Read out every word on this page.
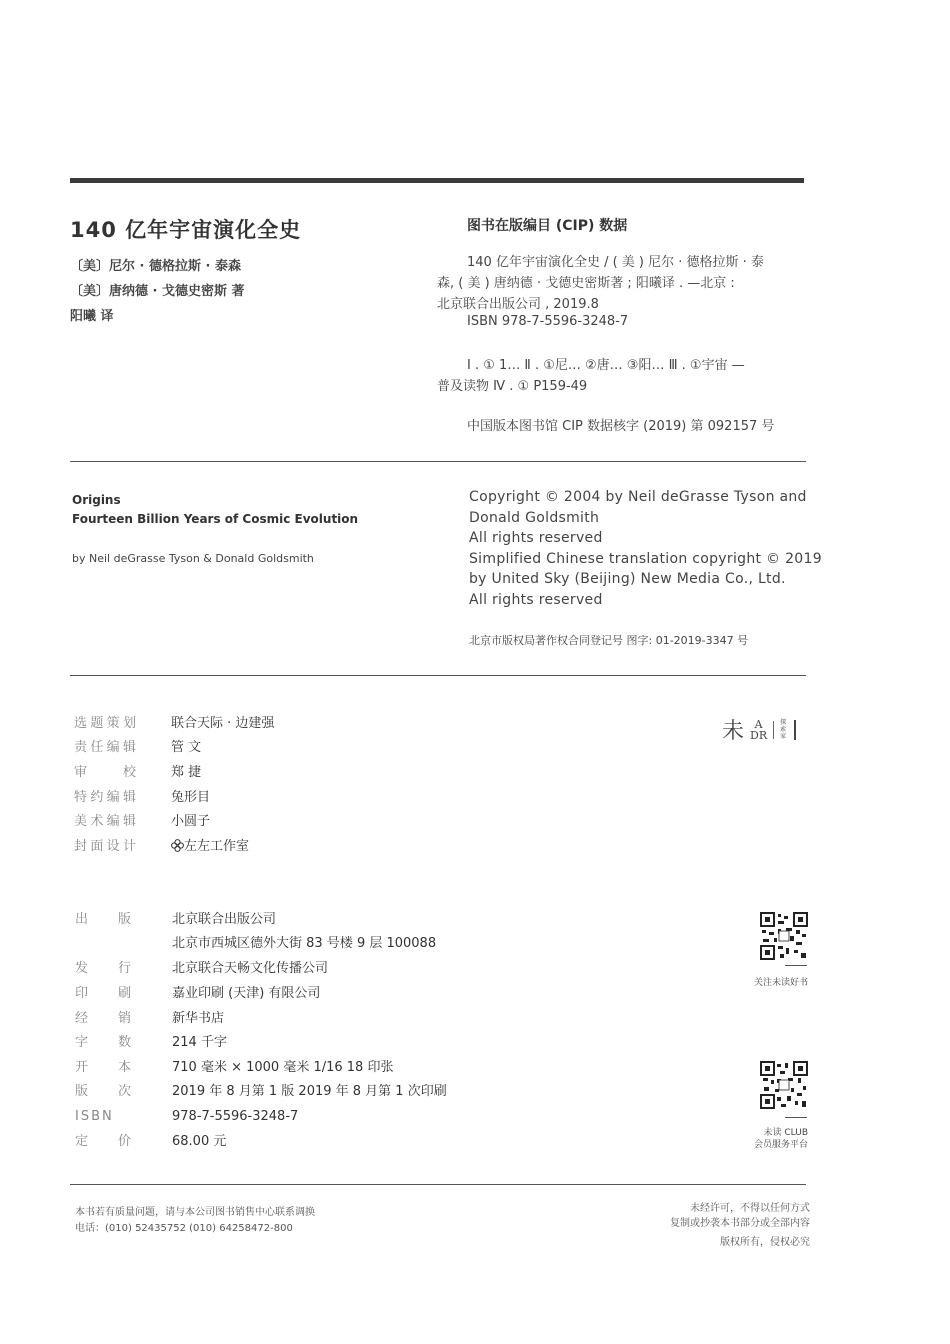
140 亿年宇宙演化全史
〔美〕尼尔 · 德格拉斯 · 泰森
〔美〕唐纳德 · 戈德史密斯 著
阳曦 译
图书在版编目 (CIP) 数据
140 亿年宇宙演化全史 / ( 美 ) 尼尔 · 德格拉斯 · 泰
森, ( 美 ) 唐纳德 · 戈德史密斯著 ; 阳曦译 . —北京 :
北京联合出版公司 , 2019.8
ISBN 978-7-5596-3248-7
Ⅰ . ① 1… Ⅱ . ①尼… ②唐… ③阳… Ⅲ . ①宇宙 —
普及读物 Ⅳ . ① P159-49
中国版本图书馆 CIP 数据核字 (2019) 第 092157 号
Origins
Fourteen Billion Years of Cosmic Evolution
by Neil deGrasse Tyson & Donald Goldsmith
Copyright © 2004 by Neil deGrasse Tyson and
Donald Goldsmith
All rights reserved
Simplified Chinese translation copyright © 2019
by United Sky (Beijing) New Media Co., Ltd.
All rights reserved
北京市版权局著作权合同登记号 图字: 01-2019-3347 号
选题策划	联合天际 · 边建强
责任编辑	管 文
审校	郑 捷
特约编辑	兔形目
美术编辑	小圆子
封面设计	左左工作室
未 A
DR
探索家
出版	北京联合出版公司
北京市西城区德外大街 83 号楼 9 层 100088
发行	北京联合天畅文化传播公司
印刷	嘉业印刷 (天津) 有限公司
经销	新华书店
字数	214 千字
开本	710 毫米 × 1000 毫米 1/16 18 印张
版次	2019 年 8 月第 1 版 2019 年 8 月第 1 次印刷
ISBN	978-7-5596-3248-7
定价	68.00 元
关注未读好书
未读 CLUB
会员服务平台
本书若有质量问题，请与本公司图书销售中心联系调换
电话：(010) 52435752 (010) 64258472-800
未经许可，不得以任何方式
复制或抄袭本书部分或全部内容
版权所有，侵权必究
